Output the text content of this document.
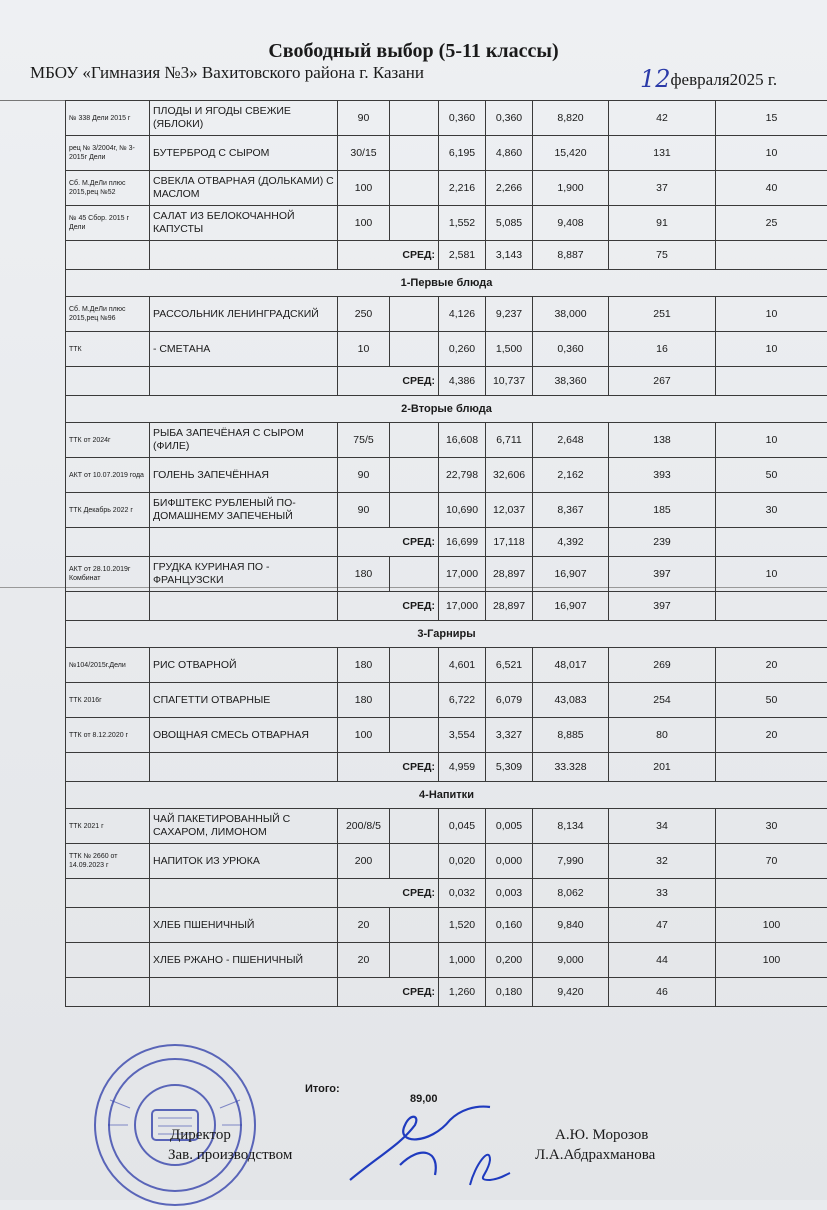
Свободный выбор (5-11 классы)
МБОУ «Гимназия №3» Вахитовского района г. Казани	12февраля2025 г.
№ 338 Дели 2015 г	ПЛОДЫ И ЯГОДЫ СВЕЖИЕ (ЯБЛОКИ)	90		0,360	0,360	8,820	42	15
рец № 3/2004г, № 3-2015г Дели	БУТЕРБРОД С СЫРОМ	30/15		6,195	4,860	15,420	131	10
Сб. М.ДеЛи плюс 2015,рец №52	СВЕКЛА ОТВАРНАЯ (ДОЛЬКАМИ) С МАСЛОМ	100		2,216	2,266	1,900	37	40
№ 45 Сбор. 2015 г Дели	САЛАТ ИЗ БЕЛОКОЧАННОЙ КАПУСТЫ	100		1,552	5,085	9,408	91	25
		СРЕД:		2,581	3,143	8,887	75	
1-Первые блюда								
Сб. М.ДеЛи плюс 2015,рец №96	РАССОЛЬНИК ЛЕНИНГРАДСКИЙ	250		4,126	9,237	38,000	251	10
ТТК	- СМЕТАНА	10		0,260	1,500	0,360	16	10
		СРЕД:		4,386	10,737	38,360	267	
2-Вторые блюда								
ТТК от 2024г	РЫБА ЗАПЕЧЁНАЯ С СЫРОМ (ФИЛЕ)	75/5		16,608	6,711	2,648	138	10
АКТ от 10.07.2019 года	ГОЛЕНЬ ЗАПЕЧЁННАЯ	90		22,798	32,606	2,162	393	50
ТТК Декабрь 2022 г	БИФШТЕКС РУБЛЕНЫЙ ПО-ДОМАШНЕМУ ЗАПЕЧЕНЫЙ	90		10,690	12,037	8,367	185	30
		СРЕД:		16,699	17,118	4,392	239	
АКТ от 28.10.2019г Комбинат	ГРУДКА КУРИНАЯ ПО - ФРАНЦУЗСКИ	180		17,000	28,897	16,907	397	10
		СРЕД:		17,000	28,897	16,907	397	
3-Гарниры								
№104/2015г.Дели	РИС ОТВАРНОЙ	180		4,601	6,521	48,017	269	20
ТТК 2016г	СПАГЕТТИ ОТВАРНЫЕ	180		6,722	6,079	43,083	254	50
ТТК от 8.12.2020 г	ОВОЩНАЯ СМЕСЬ ОТВАРНАЯ	100		3,554	3,327	8,885	80	20
		СРЕД:		4,959	5,309	33.328	201	
4-Напитки								
ТТК 2021 г	ЧАЙ ПАКЕТИРОВАННЫЙ С САХАРОМ, ЛИМОНОМ	200/8/5		0,045	0,005	8,134	34	30
ТТК № 2660 от 14.09.2023 г	НАПИТОК ИЗ УРЮКА	200		0,020	0,000	7,990	32	70
		СРЕД:		0,032	0,003	8,062	33	
	ХЛЕБ ПШЕНИЧНЫЙ	20		1,520	0,160	9,840	47	100
	ХЛЕБ РЖАНО - ПШЕНИЧНЫЙ	20		1,000	0,200	9,000	44	100
		СРЕД:		1,260	0,180	9,420	46	
Итого:
89,00
Директор
Зав. производством
А.Ю. Морозов
Л.А.Абдрахманова
